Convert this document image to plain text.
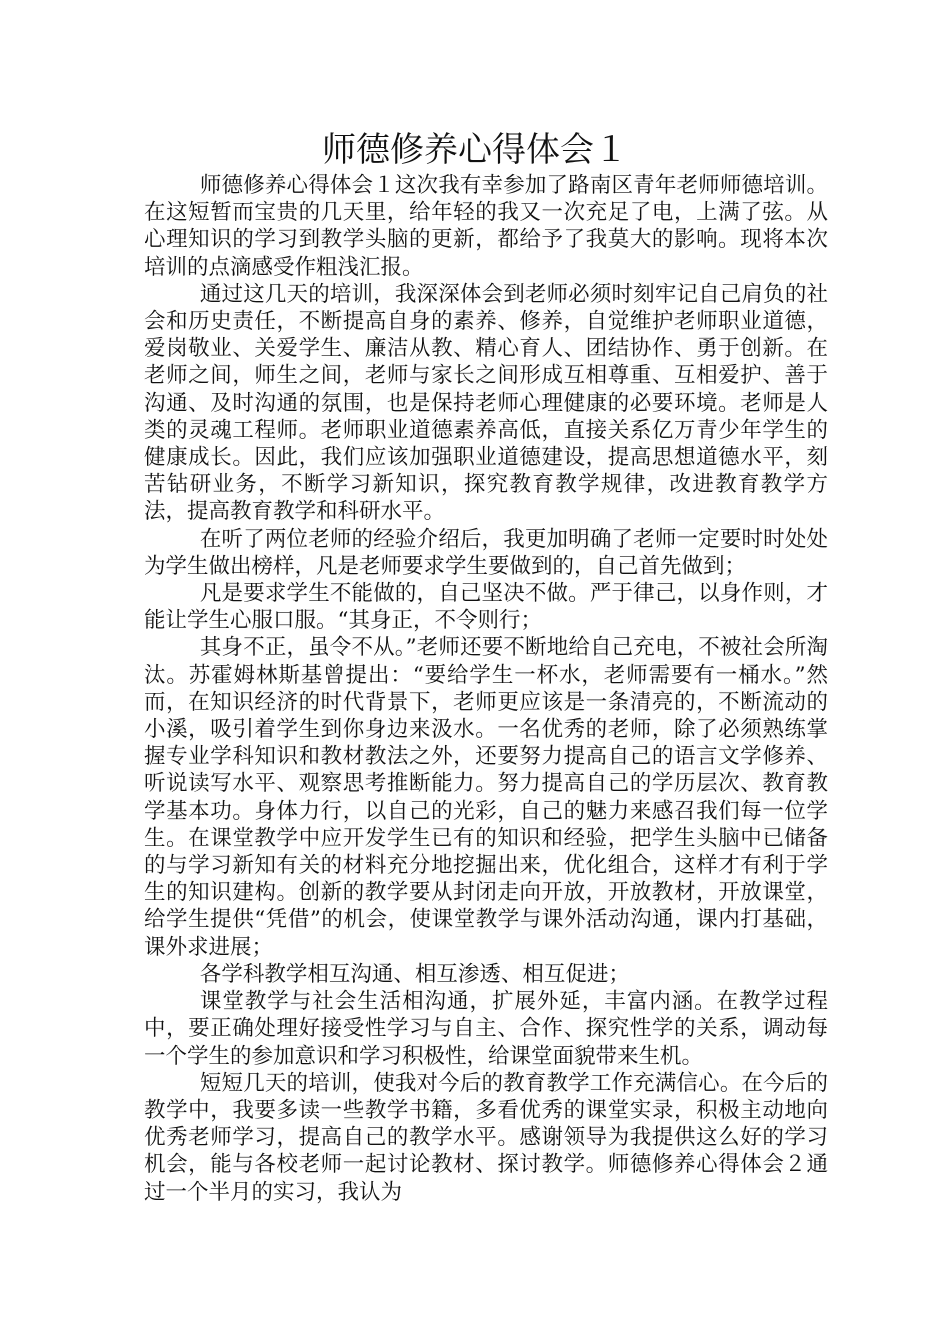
师德修养心得体会１

师德修养心得体会１这次我有幸参加了路南区青年老师师德培训。在这短暂而宝贵的几天里，给年轻的我又一次充足了电，上满了弦。从心理知识的学习到教学头脑的更新，都给予了我莫大的影响。现将本次培训的点滴感受作粗浅汇报。

通过这几天的培训，我深深体会到老师必须时刻牢记自己肩负的社会和历史责任，不断提高自身的素养、修养，自觉维护老师职业道德，爱岗敬业、关爱学生、廉洁从教、精心育人、团结协作、勇于创新。在老师之间，师生之间，老师与家长之间形成互相尊重、互相爱护、善于沟通、及时沟通的氛围，也是保持老师心理健康的必要环境。老师是人类的灵魂工程师。老师职业道德素养高低，直接关系亿万青少年学生的健康成长。因此，我们应该加强职业道德建设，提高思想道德水平，刻苦钻研业务，不断学习新知识，探究教育教学规律，改进教育教学方法，提高教育教学和科研水平。

在听了两位老师的经验介绍后，我更加明确了老师一定要时时处处为学生做出榜样，凡是老师要求学生要做到的，自己首先做到；

凡是要求学生不能做的，自己坚决不做。严于律己，以身作则，才能让学生心服口服。“其身正，不令则行；

其身不正，虽令不从。”老师还要不断地给自己充电，不被社会所淘汰。苏霍姆林斯基曾提出：“要给学生一杯水，老师需要有一桶水。”然而，在知识经济的时代背景下，老师更应该是一条清亮的，不断流动的小溪，吸引着学生到你身边来汲水。一名优秀的老师，除了必须熟练掌握专业学科知识和教材教法之外，还要努力提高自己的语言文学修养、听说读写水平、观察思考推断能力。努力提高自己的学历层次、教育教学基本功。身体力行，以自己的光彩，自己的魅力来感召我们每一位学生。在课堂教学中应开发学生已有的知识和经验，把学生头脑中已储备的与学习新知有关的材料充分地挖掘出来，优化组合，这样才有利于学生的知识建构。创新的教学要从封闭走向开放，开放教材，开放课堂，给学生提供“凭借”的机会，使课堂教学与课外活动沟通，课内打基础，课外求进展；

各学科教学相互沟通、相互渗透、相互促进；

课堂教学与社会生活相沟通，扩展外延，丰富内涵。在教学过程中，要正确处理好接受性学习与自主、合作、探究性学的关系，调动每一个学生的参加意识和学习积极性，给课堂面貌带来生机。

短短几天的培训，使我对今后的教育教学工作充满信心。在今后的教学中，我要多读一些教学书籍，多看优秀的课堂实录，积极主动地向优秀老师学习，提高自己的教学水平。感谢领导为我提供这么好的学习机会，能与各校老师一起讨论教材、探讨教学。师德修养心得体会２通过一个半月的实习，我认为
